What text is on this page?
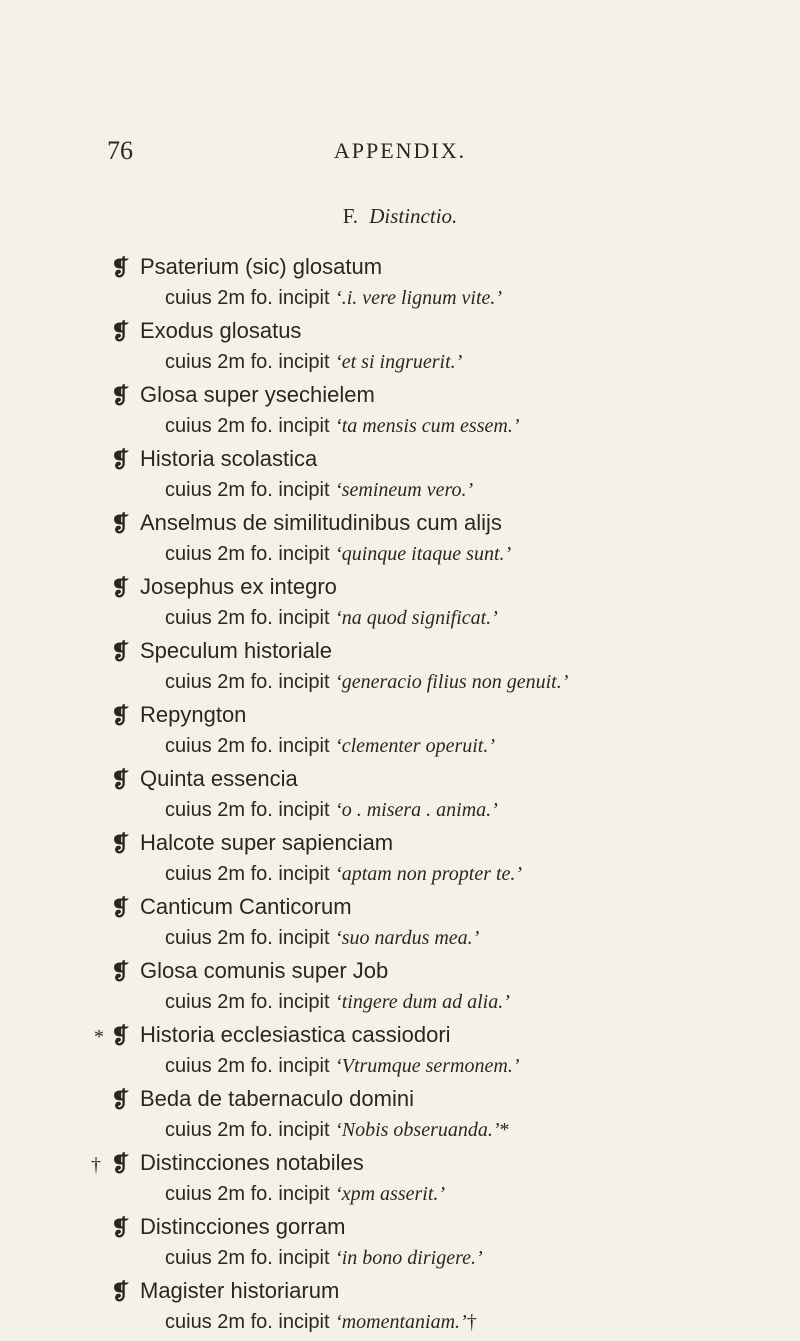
76	APPENDIX.
F. Distinctio.
❡ Psaterium (sic) glosatum
cuius 2m fo. incipit ‘.i. vere lignum vite.’
❡ Exodus glosatus
cuius 2m fo. incipit ‘et si ingruerit.’
❡ Glosa super ysechielem
cuius 2m fo. incipit ‘ta mensis cum essem.’
❡ Historia scolastica
cuius 2m fo. incipit ‘semineum vero.’
❡ Anselmus de similitudinibus cum alijs
cuius 2m fo. incipit ‘quinque itaque sunt.’
❡ Josephus ex integro
cuius 2m fo. incipit ‘na quod significat.’
❡ Speculum historiale
cuius 2m fo. incipit ‘generacio filius non genuit.’
❡ Repyngton
cuius 2m fo. incipit ‘clementer operuit.’
❡ Quinta essencia
cuius 2m fo. incipit ‘o . misera . anima.’
❡ Halcote super sapienciam
cuius 2m fo. incipit ‘aptam non propter te.’
❡ Canticum Canticorum
cuius 2m fo. incipit ‘suo nardus mea.’
❡ Glosa comunis super Job
cuius 2m fo. incipit ‘tingere dum ad alia.’
* ❡ Historia ecclesiastica cassiodori
cuius 2m fo. incipit ‘Vtrumque sermonem.’
❡ Beda de tabernaculo domini
cuius 2m fo. incipit ‘Nobis obseruanda.’*
† ❡ Distincciones notabiles
cuius 2m fo. incipit ‘xpm asserit.’
❡ Distincciones gorram
cuius 2m fo. incipit ‘in bono dirigere.’
❡ Magister historiarum
cuius 2m fo. incipit ‘momentaniam.’†
